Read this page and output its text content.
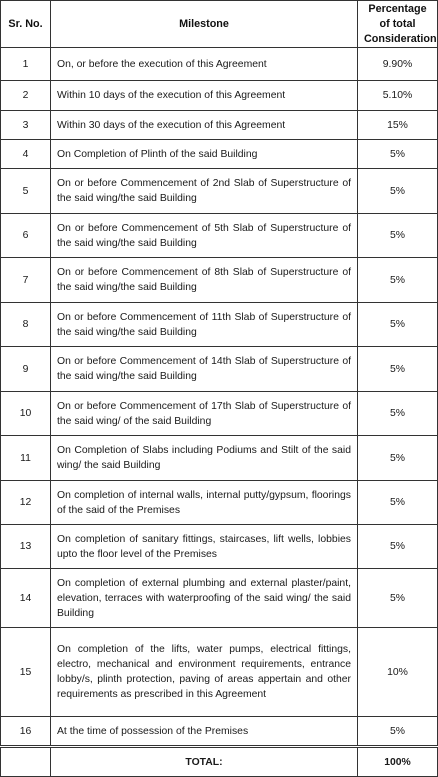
Sr. No.	Milestone	Percentage of total Consideration
1	On, or before the execution of this Agreement	9.90%
2	Within 10 days of the execution of this Agreement	5.10%
3	Within 30 days of the execution of this Agreement	15%
4	On Completion of Plinth of the said Building	5%
5	On or before Commencement of 2nd Slab of Superstructure of the said wing/the said Building	5%
6	On or before Commencement of 5th Slab of Superstructure of the said wing/the said Building	5%
7	On or before Commencement of 8th Slab of Superstructure of the said wing/the said Building	5%
8	On or before Commencement of 11th Slab of Superstructure of the said wing/the said Building	5%
9	On or before Commencement of 14th Slab of Superstructure of the said wing/the said Building	5%
10	On or before Commencement of 17th Slab of Superstructure of the said wing/ of the said Building	5%
11	On Completion of Slabs including Podiums and Stilt of the said wing/ the said Building	5%
12	On completion of internal walls, internal putty/gypsum, floorings of the said of the Premises	5%
13	On completion of sanitary fittings, staircases, lift wells, lobbies upto the floor level of the Premises	5%
14	On completion of external plumbing and external plaster/paint, elevation, terraces with waterproofing of the said wing/ the said Building	5%
15	On completion of the lifts, water pumps, electrical fittings, electro, mechanical and environment requirements, entrance lobby/s, plinth protection, paving of areas appertain and other requirements as prescribed in this Agreement	10%
16	At the time of possession of the Premises	5%
	TOTAL:	100%
